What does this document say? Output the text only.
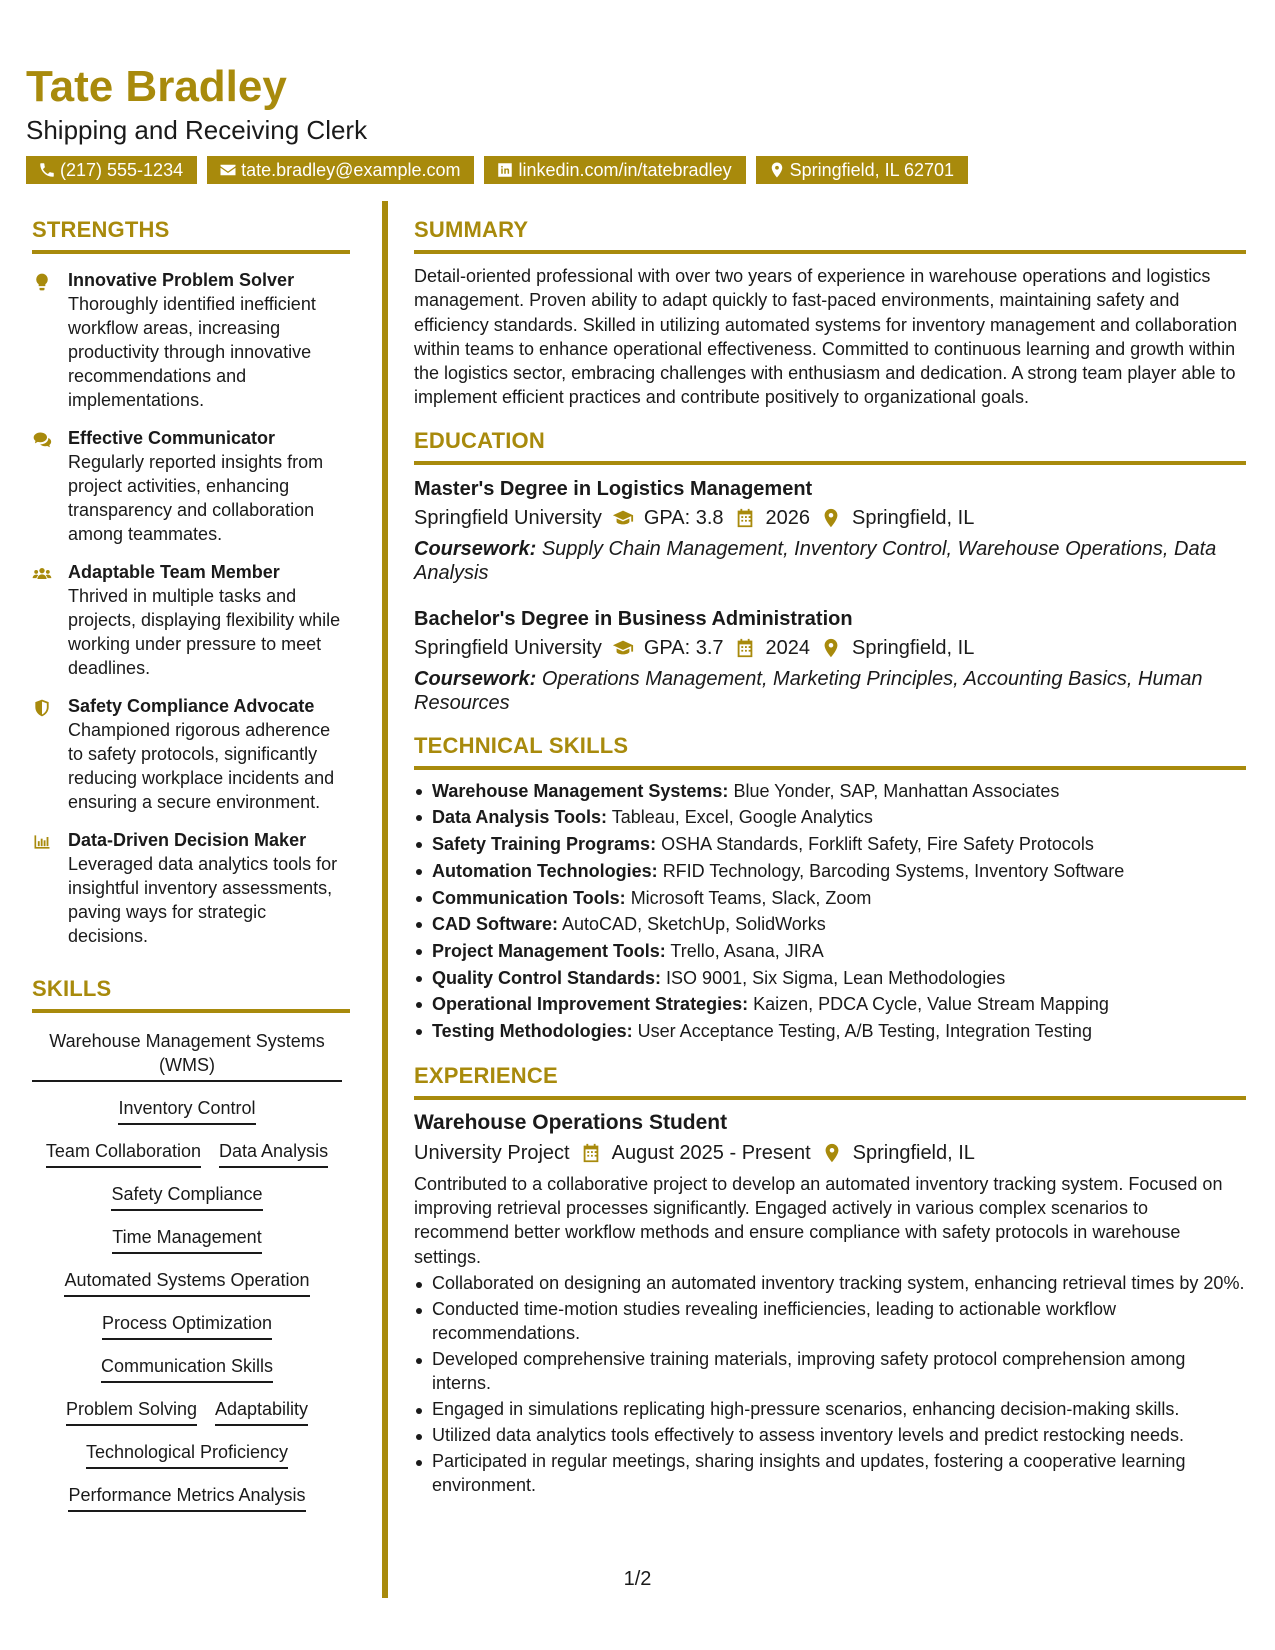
Tate Bradley
Shipping and Receiving Clerk
(217) 555-1234	tate.bradley@example.com	linkedin.com/in/tatebradley	Springfield, IL 62701
STRENGTHS
Innovative Problem Solver
Thoroughly identified inefficient workflow areas, increasing productivity through innovative recommendations and implementations.
Effective Communicator
Regularly reported insights from project activities, enhancing transparency and collaboration among teammates.
Adaptable Team Member
Thrived in multiple tasks and projects, displaying flexibility while working under pressure to meet deadlines.
Safety Compliance Advocate
Championed rigorous adherence to safety protocols, significantly reducing workplace incidents and ensuring a secure environment.
Data-Driven Decision Maker
Leveraged data analytics tools for insightful inventory assessments, paving ways for strategic decisions.
SKILLS
Warehouse Management Systems (WMS)
Inventory Control
Team Collaboration Data Analysis
Safety Compliance
Time Management
Automated Systems Operation
Process Optimization
Communication Skills
Problem Solving Adaptability
Technological Proficiency
Performance Metrics Analysis
SUMMARY
Detail-oriented professional with over two years of experience in warehouse operations and logistics management. Proven ability to adapt quickly to fast-paced environments, maintaining safety and efficiency standards. Skilled in utilizing automated systems for inventory management and collaboration within teams to enhance operational effectiveness. Committed to continuous learning and growth within the logistics sector, embracing challenges with enthusiasm and dedication. A strong team player able to implement efficient practices and contribute positively to organizational goals.
EDUCATION
Master's Degree in Logistics Management
Springfield University GPA: 3.8 2026 Springfield, IL
Coursework: Supply Chain Management, Inventory Control, Warehouse Operations, Data Analysis
Bachelor's Degree in Business Administration
Springfield University GPA: 3.7 2024 Springfield, IL
Coursework: Operations Management, Marketing Principles, Accounting Basics, Human Resources
TECHNICAL SKILLS
Warehouse Management Systems: Blue Yonder, SAP, Manhattan Associates
Data Analysis Tools: Tableau, Excel, Google Analytics
Safety Training Programs: OSHA Standards, Forklift Safety, Fire Safety Protocols
Automation Technologies: RFID Technology, Barcoding Systems, Inventory Software
Communication Tools: Microsoft Teams, Slack, Zoom
CAD Software: AutoCAD, SketchUp, SolidWorks
Project Management Tools: Trello, Asana, JIRA
Quality Control Standards: ISO 9001, Six Sigma, Lean Methodologies
Operational Improvement Strategies: Kaizen, PDCA Cycle, Value Stream Mapping
Testing Methodologies: User Acceptance Testing, A/B Testing, Integration Testing
EXPERIENCE
Warehouse Operations Student
University Project August 2025 - Present Springfield, IL
Contributed to a collaborative project to develop an automated inventory tracking system. Focused on improving retrieval processes significantly. Engaged actively in various complex scenarios to recommend better workflow methods and ensure compliance with safety protocols in warehouse settings.
Collaborated on designing an automated inventory tracking system, enhancing retrieval times by 20%.
Conducted time-motion studies revealing inefficiencies, leading to actionable workflow recommendations.
Developed comprehensive training materials, improving safety protocol comprehension among interns.
Engaged in simulations replicating high-pressure scenarios, enhancing decision-making skills.
Utilized data analytics tools effectively to assess inventory levels and predict restocking needs.
Participated in regular meetings, sharing insights and updates, fostering a cooperative learning environment.
1/2
